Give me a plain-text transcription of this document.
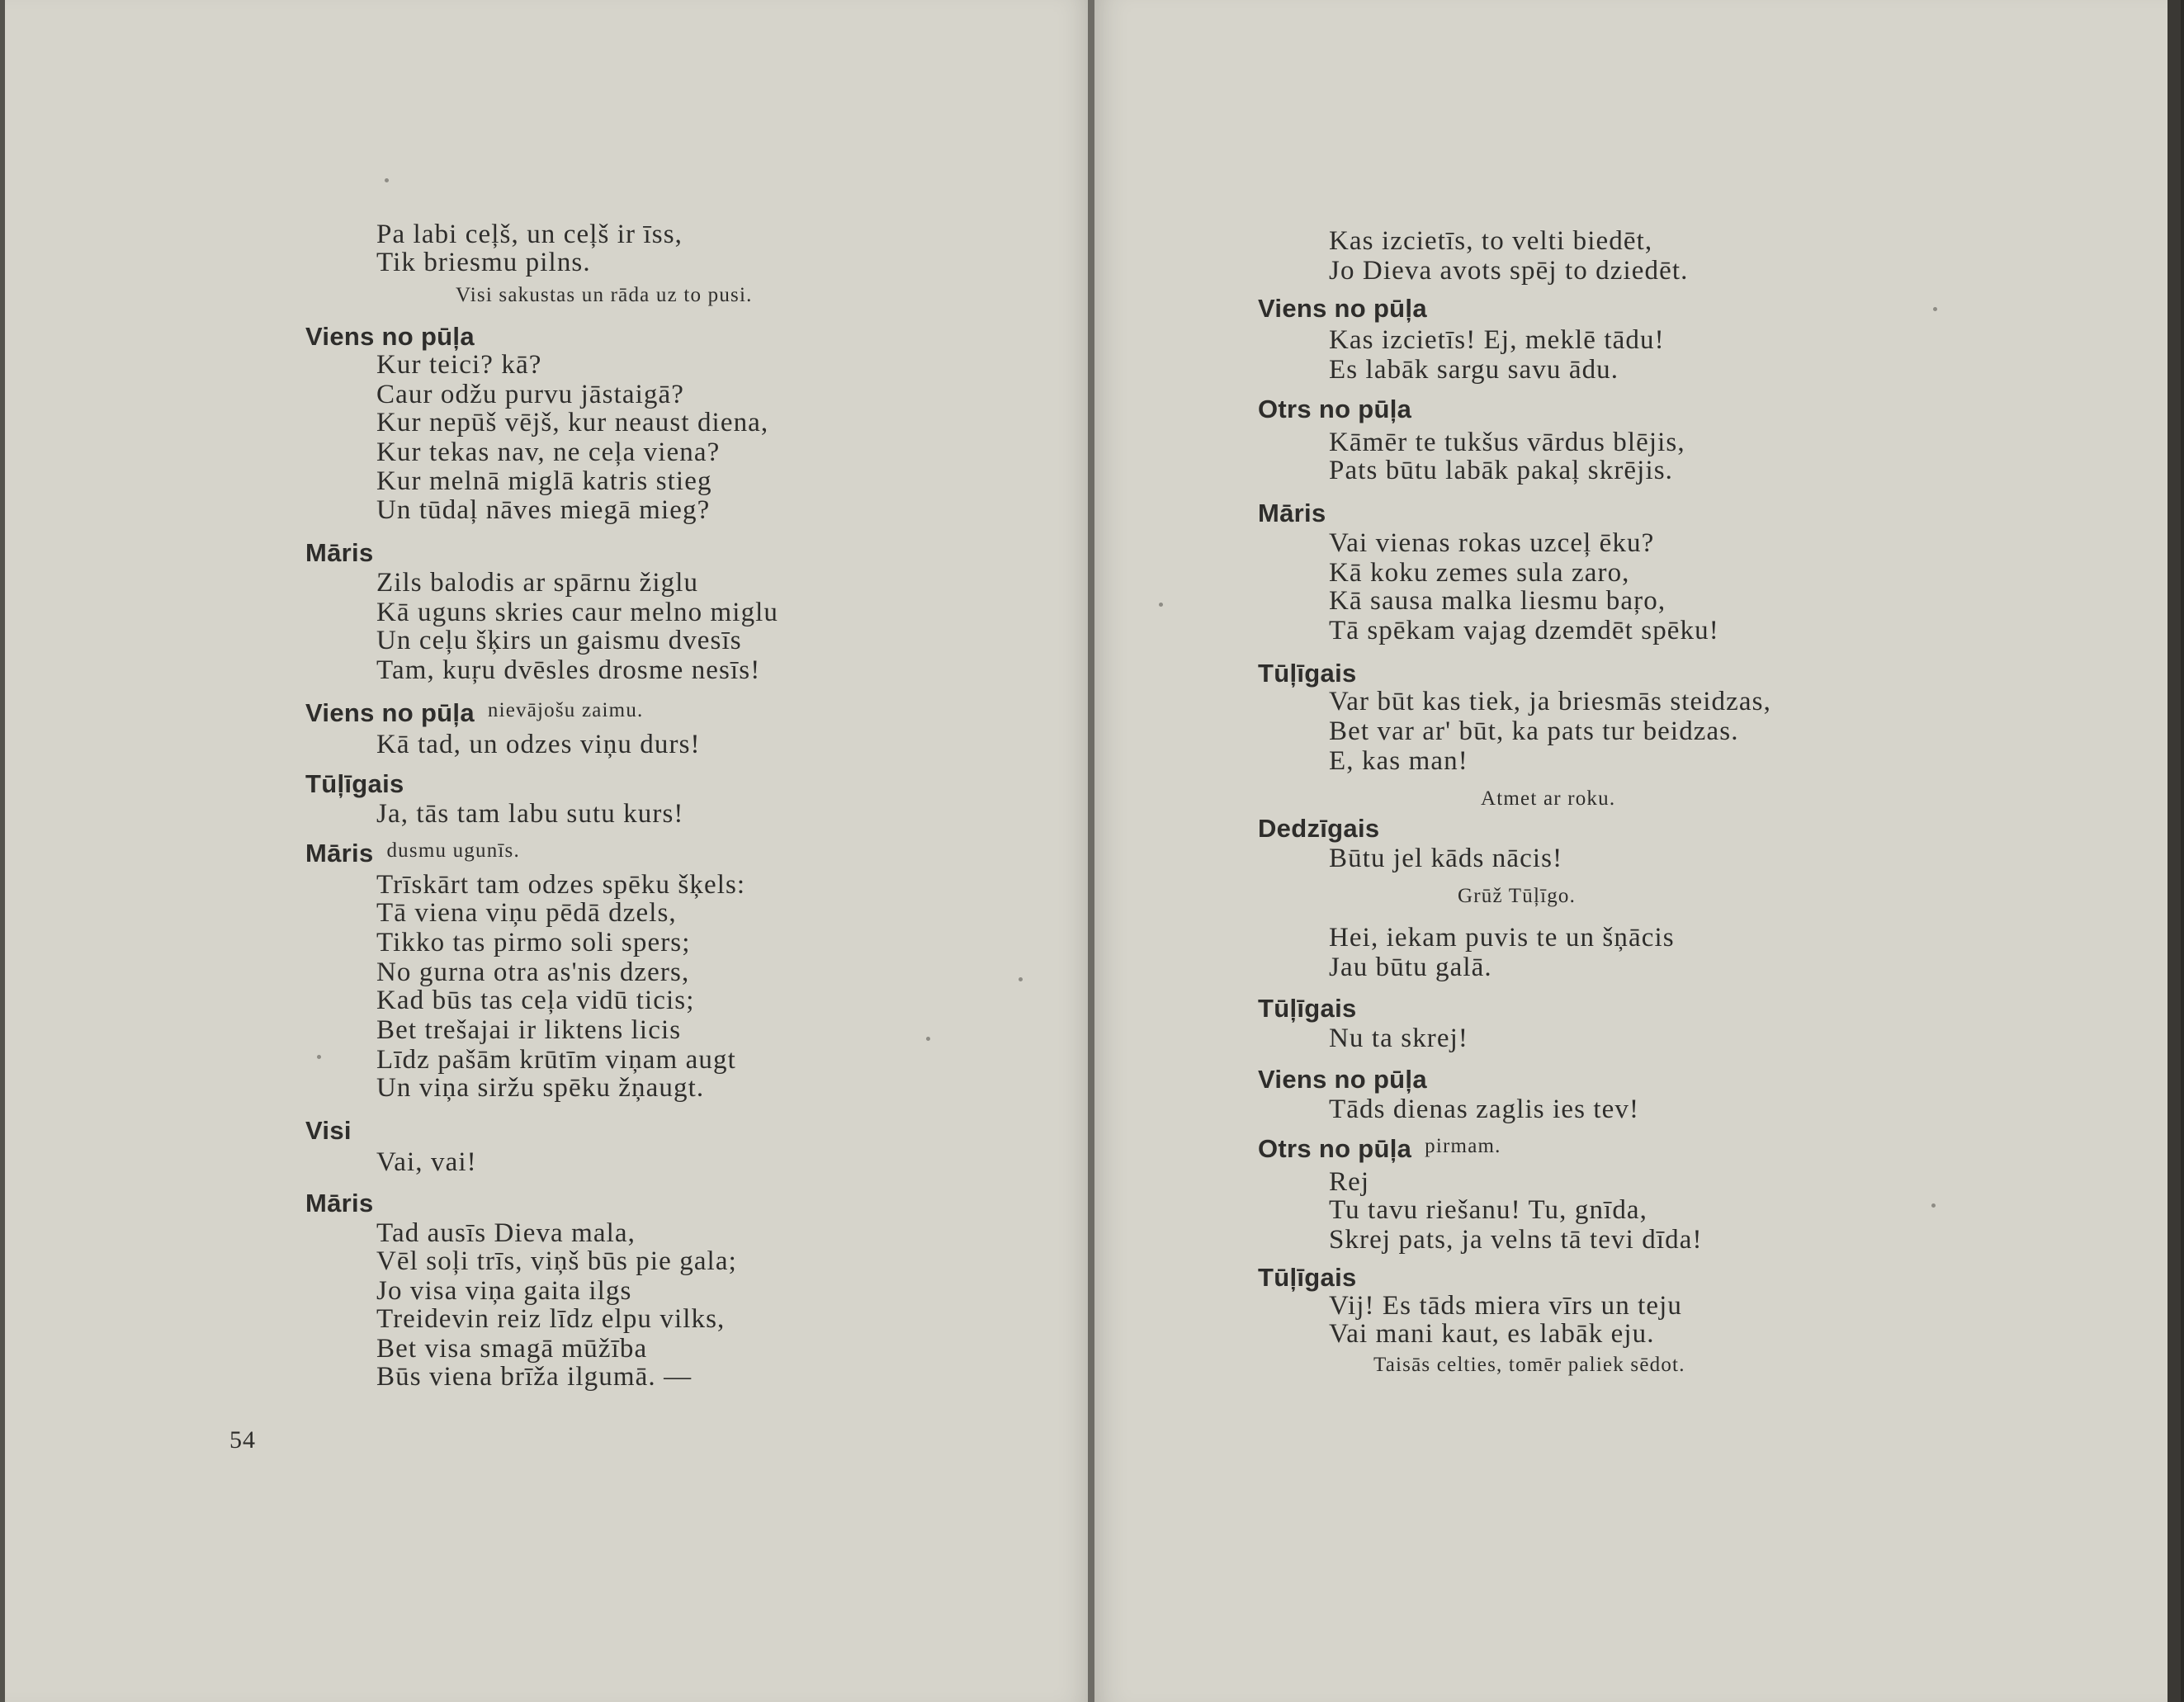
Pa labi ceļš, un ceļš ir īss,
Tik briesmu pilns.
Visi sakustas un rāda uz to pusi.
Viens no pūļa
Kur teici? kā?
Caur odžu purvu jāstaigā?
Kur nepūš vējš, kur neaust diena,
Kur tekas nav, ne ceļa viena?
Kur melnā miglā katris stieg
Un tūdaļ nāves miegā mieg?
Māris
Zils balodis ar spārnu žiglu
Kā uguns skries caur melno miglu
Un ceļu šķirs un gaismu dvesīs
Tam, kuŗu dvēsles drosme nesīs!
Viens no pūļa nievājošu zaimu.
Kā tad, un odzes viņu durs!
Tūļīgais
Ja, tās tam labu sutu kurs!
Māris dusmu ugunīs.
Trīskārt tam odzes spēku šķels:
Tā viena viņu pēdā dzels,
Tikko tas pirmo soli spers;
No gurna otra as'nis dzers,
Kad būs tas ceļa vidū ticis;
Bet trešajai ir liktens licis
Līdz pašām krūtīm viņam augt
Un viņa siržu spēku žņaugt.
Visi
Vai, vai!
Māris
Tad ausīs Dieva mala,
Vēl soļi trīs, viņš būs pie gala;
Jo visa viņa gaita ilgs
Treidevin reiz līdz elpu vilks,
Bet visa smagā mūžība
Būs viena brīža ilgumā. —
54
Kas izcietīs, to velti biedēt,
Jo Dieva avots spēj to dziedēt.
Viens no pūļa
Kas izcietīs! Ej, meklē tādu!
Es labāk sargu savu ādu.
Otrs no pūļa
Kāmēr te tukšus vārdus blējis,
Pats būtu labāk pakaļ skrējis.
Māris
Vai vienas rokas uzceļ ēku?
Kā koku zemes sula zaro,
Kā sausa malka liesmu baŗo,
Tā spēkam vajag dzemdēt spēku!
Tūļīgais
Var būt kas tiek, ja briesmās steidzas,
Bet var ar' būt, ka pats tur beidzas.
E, kas man!
Atmet ar roku.
Dedzīgais
Būtu jel kāds nācis!
Grūž Tūļīgo.
Hei, iekam puvis te un šņācis
Jau būtu galā.
Tūļīgais
Nu ta skrej!
Viens no pūļa
Tāds dienas zaglis ies tev!
Otrs no pūļa pirmam.
Rej
Tu tavu riešanu! Tu, gnīda,
Skrej pats, ja velns tā tevi dīda!
Tūļīgais
Vij! Es tāds miera vīrs un teju
Vai mani kaut, es labāk eju.
Taisās celties, tomēr paliek sēdot.
